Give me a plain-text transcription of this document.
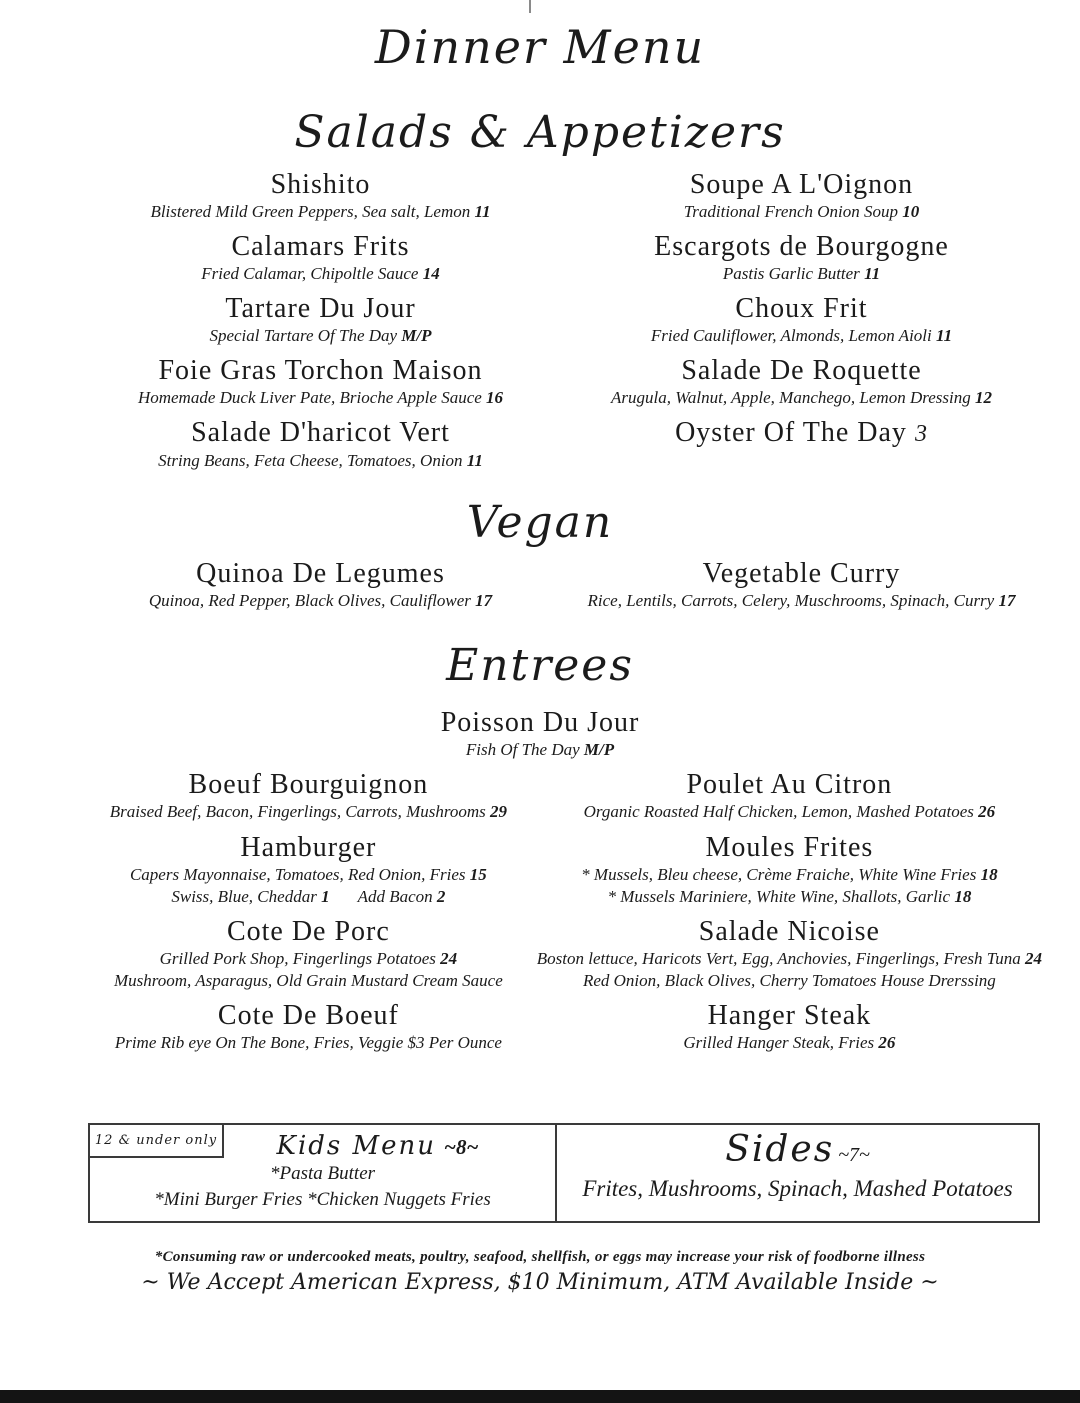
Dinner Menu
Salads & Appetizers
Shishito
Blistered Mild Green Peppers, Sea salt, Lemon 11
Calamars Frits
Fried Calamar, Chipoltle Sauce 14
Tartare Du Jour
Special Tartare Of The Day M/P
Foie Gras Torchon Maison
Homemade Duck Liver Pate, Brioche Apple Sauce 16
Salade D'haricot Vert
String Beans, Feta Cheese, Tomatoes, Onion 11
Soupe A L'Oignon
Traditional French Onion Soup 10
Escargots de Bourgogne
Pastis Garlic Butter 11
Choux Frit
Fried Cauliflower, Almonds, Lemon Aioli 11
Salade De Roquette
Arugula, Walnut, Apple, Manchego, Lemon Dressing 12
Oyster Of The Day 3
Vegan
Quinoa De Legumes
Quinoa, Red Pepper, Black Olives, Cauliflower 17
Vegetable Curry
Rice, Lentils, Carrots, Celery, Muschrooms, Spinach, Curry 17
Entrees
Poisson Du Jour
Fish Of The Day M/P
Boeuf Bourguignon
Braised Beef, Bacon, Fingerlings, Carrots, Mushrooms 29
Hamburger
Capers Mayonnaise, Tomatoes, Red Onion, Fries 15
Swiss, Blue, Cheddar 1 Add Bacon 2
Cote De Porc
Grilled Pork Shop, Fingerlings Potatoes 24
Mushroom, Asparagus, Old Grain Mustard Cream Sauce
Cote De Boeuf
Prime Rib eye On The Bone, Fries, Veggie $3 Per Ounce
Poulet Au Citron
Organic Roasted Half Chicken, Lemon, Mashed Potatoes 26
Moules Frites
* Mussels, Bleu cheese, Crème Fraiche, White Wine Fries 18
* Mussels Mariniere, White Wine, Shallots, Garlic 18
Salade Nicoise
Boston lettuce, Haricots Vert, Egg, Anchovies, Fingerlings, Fresh Tuna 24
Red Onion, Black Olives, Cherry Tomatoes House Drerssing
Hanger Steak
Grilled Hanger Steak, Fries 26
12 & under only	Kids Menu ~8~
*Pasta Butter
*Mini Burger Fries *Chicken Nuggets Fries
Sides ~7~
Frites, Mushrooms, Spinach, Mashed Potatoes
*Consuming raw or undercooked meats, poultry, seafood, shellfish, or eggs may increase your risk of foodborne illness
~ We Accept American Express, $10 Minimum, ATM Available Inside ~
